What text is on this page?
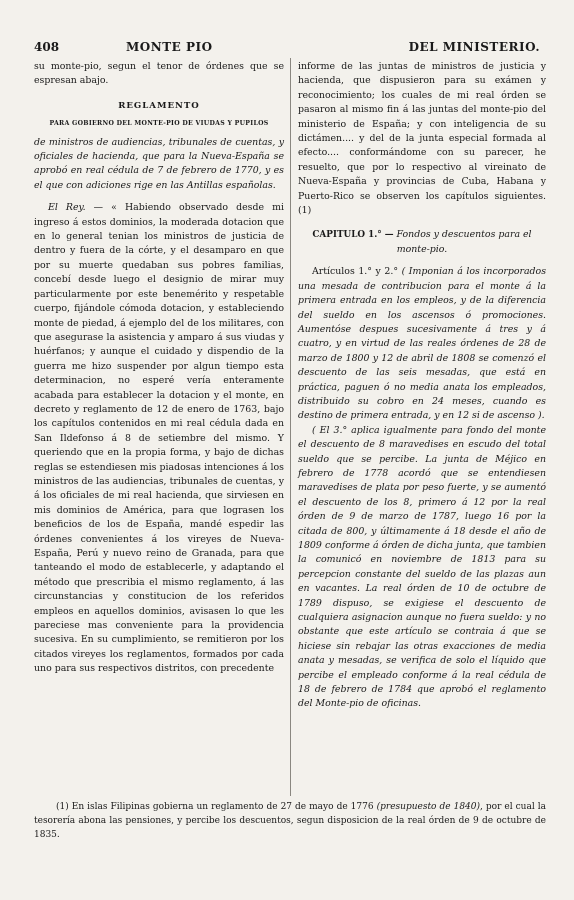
408	MONTE PIO	DEL MINISTERIO.

su monte-pio, segun el tenor de órdenes que se espresan abajo.

REGLAMENTO

PARA GOBIERNO DEL MONTE-PIO DE VIUDAS Y PUPILOS

de ministros de audiencias, tribunales de cuentas, y oficiales de hacienda, que para la Nueva-España se aprobó en real cédula de 7 de febrero de 1770, y es el que con adiciones rige en las Antillas españolas.

El Rey. — « Habiendo observado desde mi ingreso á estos dominios, la moderada dotacion que en lo general tenian los ministros de justicia de dentro y fuera de la córte, y el desamparo en que por su muerte quedaban sus pobres familias, concebí desde luego el designio de mirar muy particularmente por este benemérito y respetable cuerpo, fijándole cómoda dotacion, y estableciendo monte de piedad, á ejemplo del de los militares, con que asegurase la asistencia y amparo á sus viudas y huérfanos; y aunque el cuidado y dispendio de la guerra me hizo suspender por algun tiempo esta determinacion, no esperé vería enteramente acabada para establecer la dotacion y el monte, en decreto y reglamento de 12 de enero de 1763, bajo los capítulos contenidos en mi real cédula dada en San Ildefonso á 8 de setiembre del mismo. Y queriendo que en la propia forma, y bajo de dichas reglas se estendiesen mis piadosas intenciones á los ministros de las audiencias, tribunales de cuentas, y á los oficiales de mi real hacienda, que sirviesen en mis dominios de América, para que lograsen los beneficios de los de España, mandé espedir las órdenes convenientes á los vireyes de Nueva-España, Perú y nuevo reino de Granada, para que tanteando el modo de establecerle, y adaptando el método que prescribia el mismo reglamento, á las circunstancias y constitucion de los referidos empleos en aquellos dominios, avisasen lo que les pareciese mas conveniente para la providencia sucesiva. En su cumplimiento, se remitieron por los citados vireyes los reglamentos, formados por cada uno para sus respectivos distritos, con precedente

informe de las juntas de ministros de justicia y hacienda, que dispusieron para su exámen y reconocimiento; los cuales de mi real órden se pasaron al mismo fin á las juntas del monte-pio del ministerio de España; y con inteligencia de su dictámen.... y del de la junta especial formada al efecto.... conformándome con su parecer, he resuelto, que por lo respectivo al vireinato de Nueva-España y provincias de Cuba, Habana y Puerto-Rico se observen los capítulos siguientes. (1)

CAPITULO 1.° — Fondos y descuentos para el monte-pio.

Artículos 1.° y 2.° ( Imponian á los incorporados una mesada de contribucion para el monte á la primera entrada en los empleos, y de la diferencia del sueldo en los ascensos ó promociones. Aumentóse despues sucesivamente á tres y á cuatro, y en virtud de las reales órdenes de 28 de marzo de 1800 y 12 de abril de 1808 se comenzó el descuento de las seis mesadas, que está en práctica, paguen ó no media anata los empleados, distribuido su cobro en 24 meses, cuando es destino de primera entrada, y en 12 si de ascenso ).

( El 3.° aplica igualmente para fondo del monte el descuento de 8 maravedises en escudo del total sueldo que se percibe. La junta de Méjico en febrero de 1778 acordó que se entendiesen maravedises de plata por peso fuerte, y se aumentó el descuento de los 8, primero á 12 por la real órden de 9 de marzo de 1787, luego 16 por la citada de 800, y últimamente á 18 desde el año de 1809 conforme á órden de dicha junta, que tambien la comunicó en noviembre de 1813 para su percepcion constante del sueldo de las plazas aun en vacantes. La real órden de 10 de octubre de 1789 dispuso, se exigiese el descuento de cualquiera asignacion aunque no fuera sueldo: y no obstante que este artículo se contraia á que se hiciese sin rebajar las otras exacciones de media anata y mesadas, se verifica de solo el líquido que percibe el empleado conforme á la real cédula de 18 de febrero de 1784 que aprobó el reglamento del Monte-pio de oficinas.

(1) En islas Filipinas gobierna un reglamento de 27 de mayo de 1776 (presupuesto de 1840), por el cual la tesorería abona las pensiones, y percibe los descuentos, segun disposicion de la real órden de 9 de octubre de 1835.
